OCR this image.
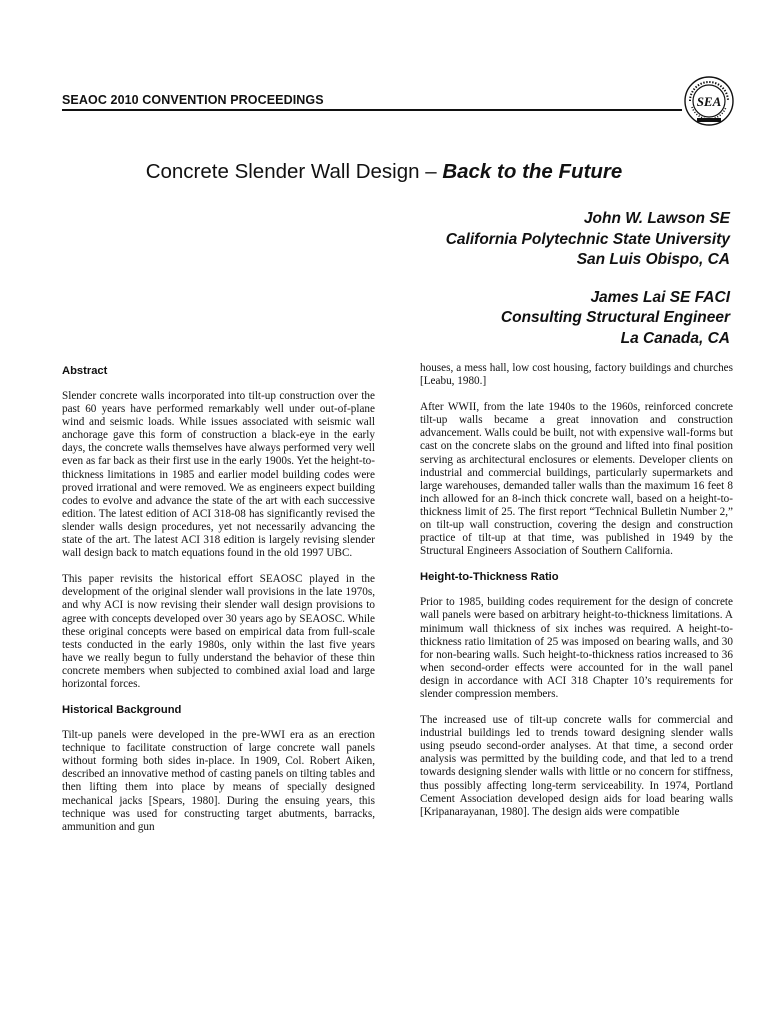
SEAOC 2010 CONVENTION PROCEEDINGS	SEA
Concrete Slender Wall Design – Back to the Future
John W. Lawson SE
California Polytechnic State University
San Luis Obispo, CA
James Lai SE FACI
Consulting Structural Engineer
La Canada, CA
Abstract

Slender concrete walls incorporated into tilt-up construction over the past 60 years have performed remarkably well under out-of-plane wind and seismic loads. While issues associated with seismic wall anchorage gave this form of construction a black-eye in the early days, the concrete walls themselves have always performed very well even as far back as their first use in the early 1900s. Yet the height-to-thickness limitations in 1985 and earlier model building codes were proved irrational and were removed. We as engineers expect building codes to evolve and advance the state of the art with each successive edition. The latest edition of ACI 318-08 has significantly revised the slender walls design procedures, yet not necessarily advancing the state of the art. The latest ACI 318 edition is largely revising slender wall design back to match equations found in the old 1997 UBC.

This paper revisits the historical effort SEAOSC played in the development of the original slender wall provisions in the late 1970s, and why ACI is now revising their slender wall design provisions to agree with concepts developed over 30 years ago by SEAOSC. While these original concepts were based on empirical data from full-scale tests conducted in the early 1980s, only within the last five years have we really begun to fully understand the behavior of these thin concrete members when subjected to combined axial load and large horizontal forces.

Historical Background

Tilt-up panels were developed in the pre-WWI era as an erection technique to facilitate construction of large concrete wall panels without forming both sides in-place. In 1909, Col. Robert Aiken, described an innovative method of casting panels on tilting tables and then lifting them into place by means of specially designed mechanical jacks [Spears, 1980]. During the ensuing years, this technique was used for constructing target abutments, barracks, ammunition and gun

houses, a mess hall, low cost housing, factory buildings and churches [Leabu, 1980.]

After WWII, from the late 1940s to the 1960s, reinforced concrete tilt-up walls became a great innovation and construction advancement. Walls could be built, not with expensive wall-forms but cast on the concrete slabs on the ground and lifted into final position serving as architectural enclosures or elements. Developer clients on industrial and commercial buildings, particularly supermarkets and large warehouses, demanded taller walls than the maximum 16 feet 8 inch allowed for an 8-inch thick concrete wall, based on a height-to-thickness limit of 25. The first report “Technical Bulletin Number 2,” on tilt-up wall construction, covering the design and construction practice of tilt-up at that time, was published in 1949 by the Structural Engineers Association of Southern California.

Height-to-Thickness Ratio

Prior to 1985, building codes requirement for the design of concrete wall panels were based on arbitrary height-to-thickness limitations. A minimum wall thickness of six inches was required. A height-to-thickness ratio limitation of 25 was imposed on bearing walls, and 30 for non-bearing walls. Such height-to-thickness ratios increased to 36 when second-order effects were accounted for in the wall panel design in accordance with ACI 318 Chapter 10’s requirements for slender compression members.

The increased use of tilt-up concrete walls for commercial and industrial buildings led to trends toward designing slender walls using pseudo second-order analyses. At that time, a second order analysis was permitted by the building code, and that led to a trend towards designing slender walls with little or no concern for stiffness, thus possibly affecting long-term serviceability. In 1974, Portland Cement Association developed design aids for load bearing walls [Kripanarayanan, 1980]. The design aids were compatible
